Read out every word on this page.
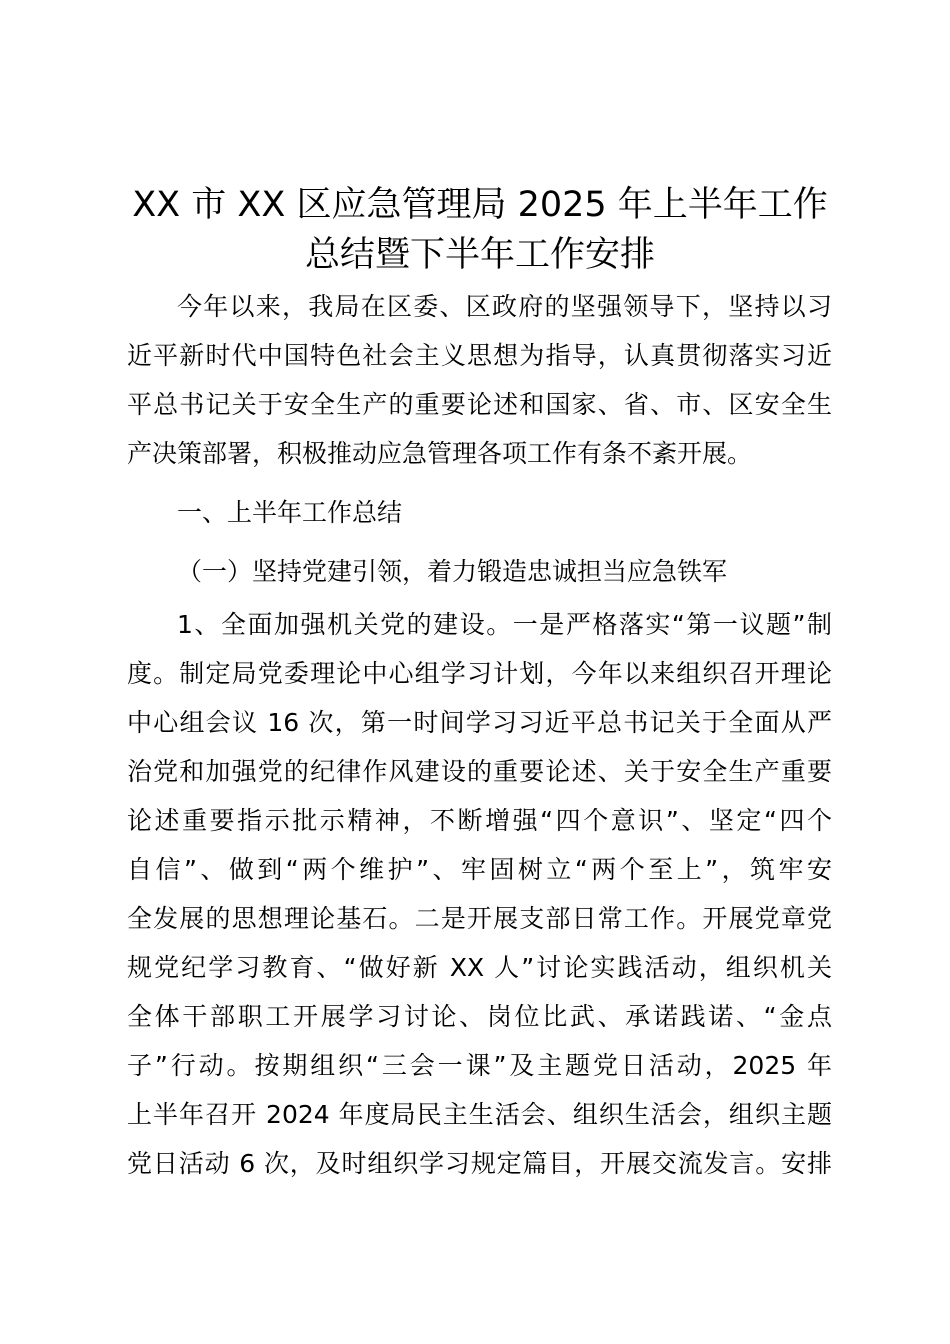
XX 市 XX 区应急管理局 2025 年上半年工作
总结暨下半年工作安排
今年以来，我局在区委、区政府的坚强领导下，坚持以习
近平新时代中国特色社会主义思想为指导，认真贯彻落实习近
平总书记关于安全生产的重要论述和国家、省、市、区安全生
产决策部署，积极推动应急管理各项工作有条不紊开展。
一、上半年工作总结
（一）坚持党建引领，着力锻造忠诚担当应急铁军
1、全面加强机关党的建设。一是严格落实“第一议题”制
度。制定局党委理论中心组学习计划，今年以来组织召开理论
中心组会议 16 次，第一时间学习习近平总书记关于全面从严
治党和加强党的纪律作风建设的重要论述、关于安全生产重要
论述重要指示批示精神，不断增强“四个意识”、坚定“四个
自信”、做到“两个维护”、牢固树立“两个至上”，筑牢安
全发展的思想理论基石。二是开展支部日常工作。开展党章党
规党纪学习教育、“做好新 XX 人”讨论实践活动，组织机关
全体干部职工开展学习讨论、岗位比武、承诺践诺、“金点
子”行动。按期组织“三会一课”及主题党日活动，2025 年
上半年召开 2024 年度局民主生活会、组织生活会，组织主题
党日活动 6 次，及时组织学习规定篇目，开展交流发言。安排
